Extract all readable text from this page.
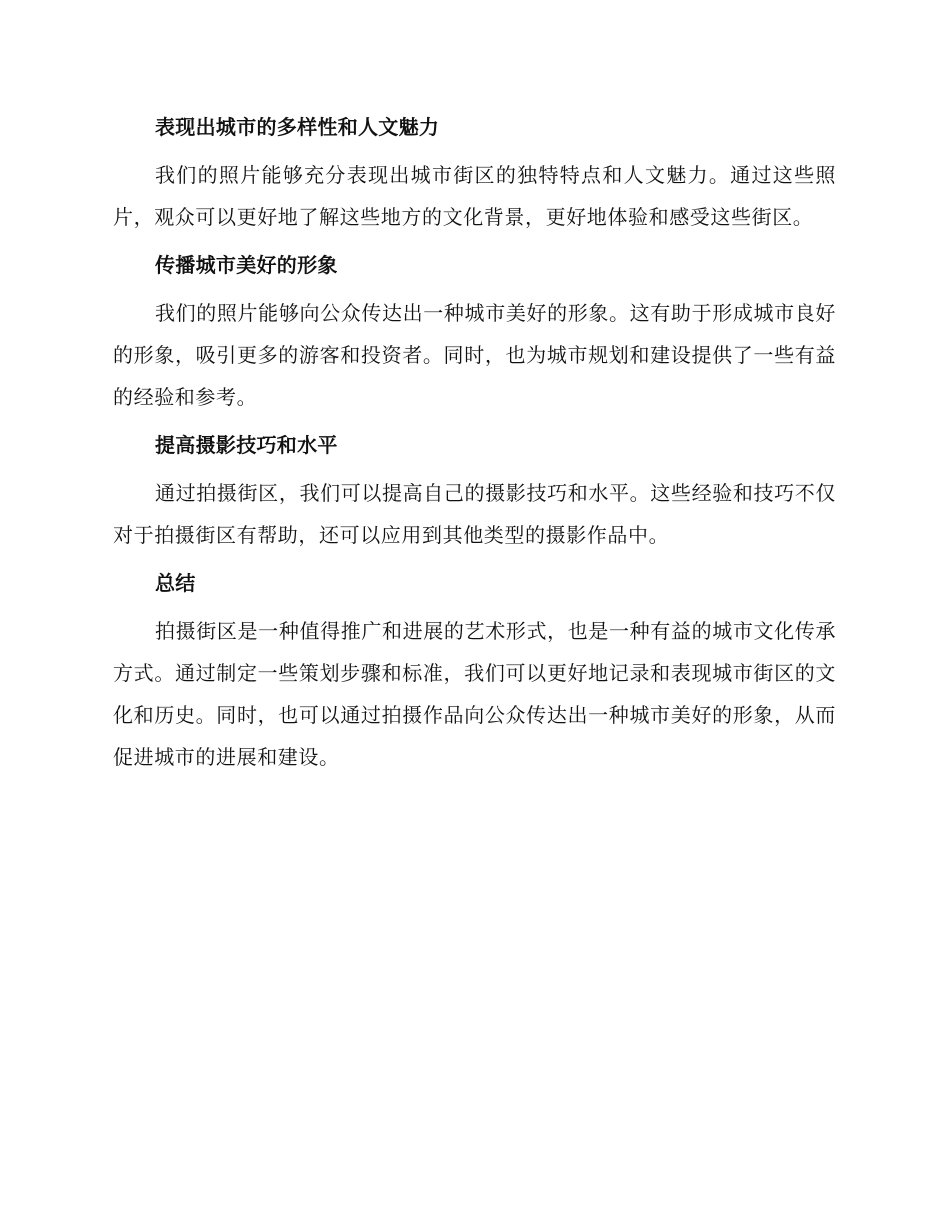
表现出城市的多样性和人文魅力

我们的照片能够充分表现出城市街区的独特特点和人文魅力。通过这些照片，观众可以更好地了解这些地方的文化背景，更好地体验和感受这些街区。

传播城市美好的形象

我们的照片能够向公众传达出一种城市美好的形象。这有助于形成城市良好的形象，吸引更多的游客和投资者。同时，也为城市规划和建设提供了一些有益的经验和参考。

提高摄影技巧和水平

通过拍摄街区，我们可以提高自己的摄影技巧和水平。这些经验和技巧不仅对于拍摄街区有帮助，还可以应用到其他类型的摄影作品中。

总结

拍摄街区是一种值得推广和进展的艺术形式，也是一种有益的城市文化传承方式。通过制定一些策划步骤和标准，我们可以更好地记录和表现城市街区的文化和历史。同时，也可以通过拍摄作品向公众传达出一种城市美好的形象，从而促进城市的进展和建设。
